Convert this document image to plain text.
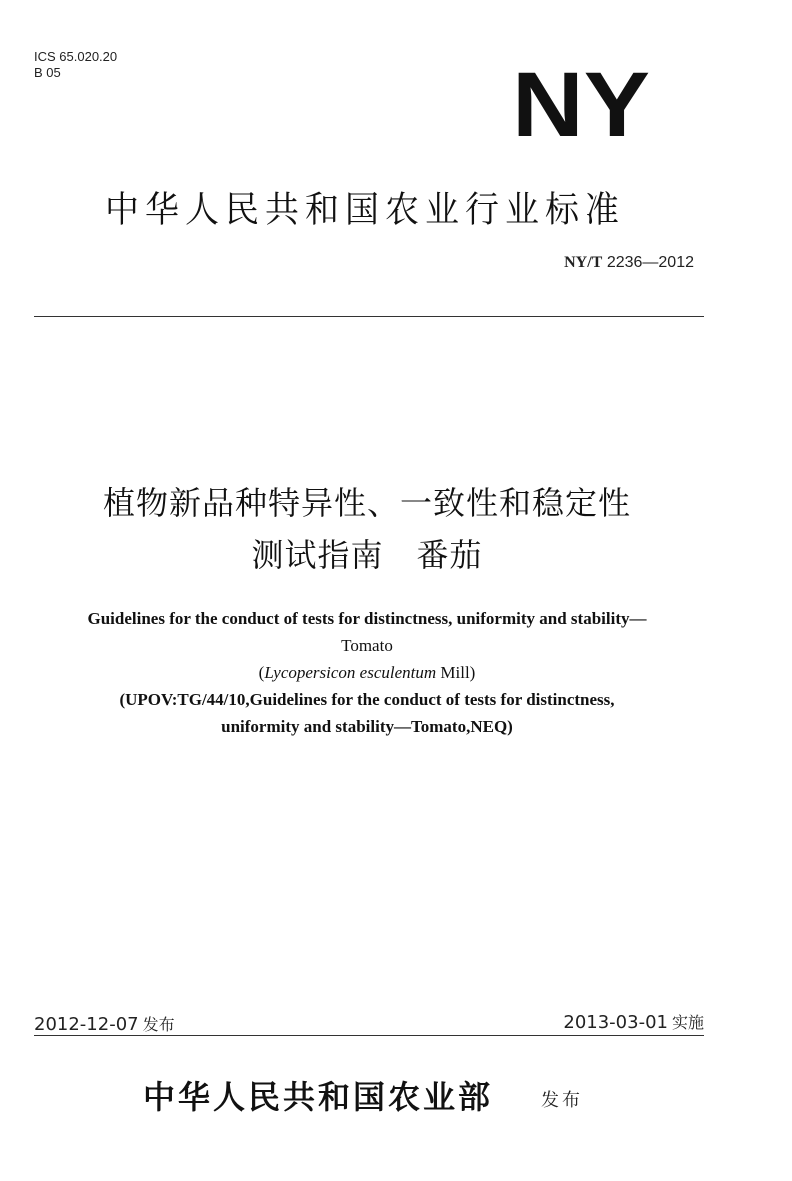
ICS 65.020.20
B 05	NY
中华人民共和国农业行业标准
NY/T 2236—2012
植物新品种特异性、一致性和稳定性
测试指南　番茄
Guidelines for the conduct of tests for distinctness, uniformity and stability—
Tomato
(Lycopersicon esculentum Mill)
(UPOV:TG/44/10,Guidelines for the conduct of tests for distinctness,
uniformity and stability—Tomato,NEQ)
2012-12-07 发布	2013-03-01 实施
中华人民共和国农业部	发布
